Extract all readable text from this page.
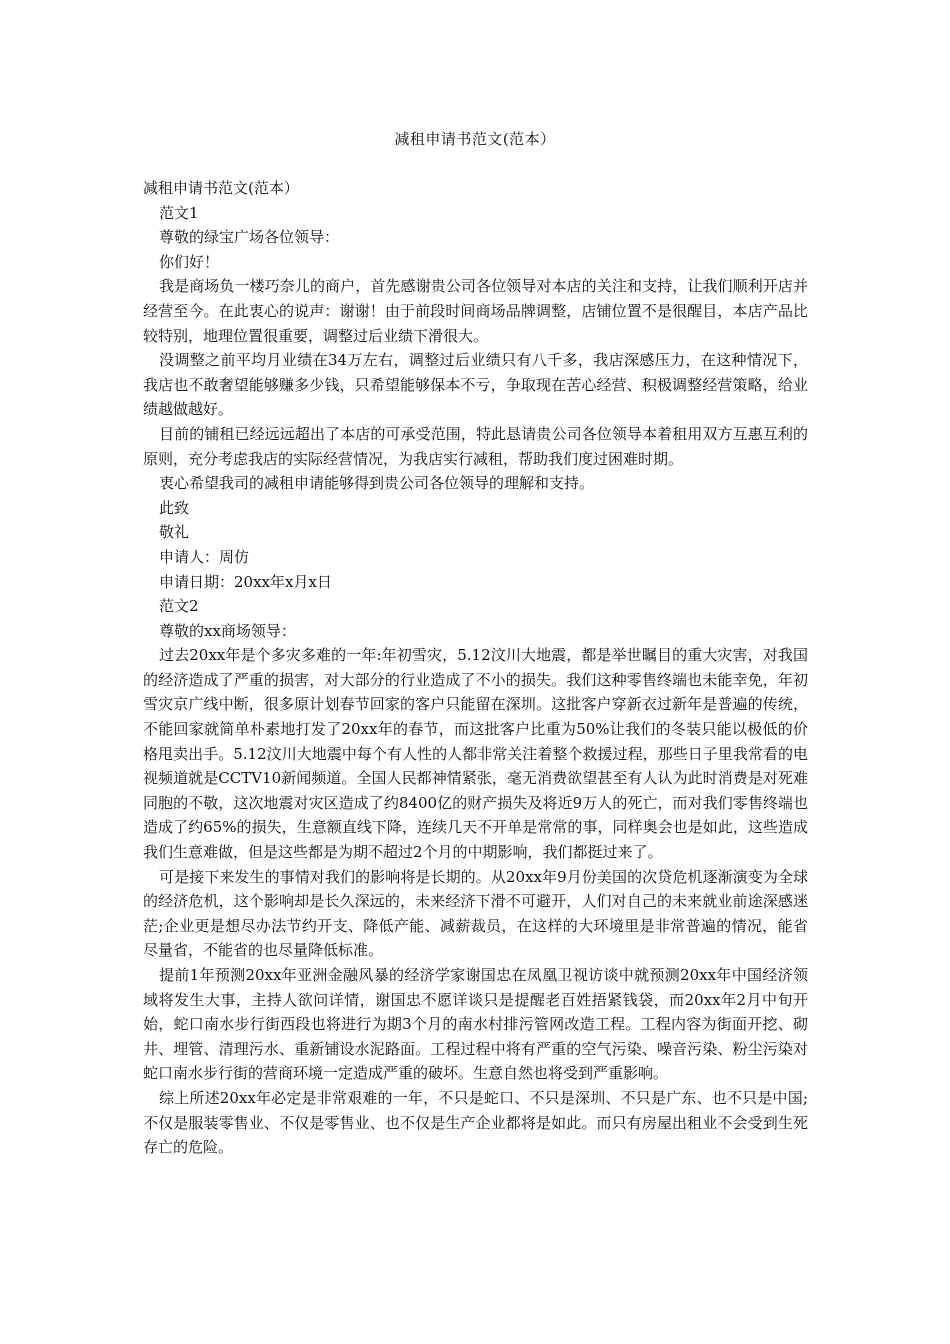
减租申请书范文(范本）

减租申请书范文(范本）

范文1

尊敬的绿宝广场各位领导：

你们好！

我是商场负一楼巧奈儿的商户，首先感谢贵公司各位领导对本店的关注和支持，让我们顺利开店并经营至今。在此衷心的说声：谢谢！由于前段时间商场品牌调整，店铺位置不是很醒目，本店产品比较特别，地理位置很重要，调整过后业绩下滑很大。

没调整之前平均月业绩在34万左右，调整过后业绩只有八千多，我店深感压力，在这种情况下，我店也不敢奢望能够赚多少钱，只希望能够保本不亏，争取现在苦心经营、积极调整经营策略，给业绩越做越好。

目前的铺租已经远远超出了本店的可承受范围，特此恳请贵公司各位领导本着租用双方互惠互利的原则，充分考虑我店的实际经营情况，为我店实行减租，帮助我们度过困难时期。

衷心希望我司的减租申请能够得到贵公司各位领导的理解和支持。

此致

敬礼

申请人：周仿

申请日期：20xx年x月x日

范文2

尊敬的xx商场领导：

过去20xx年是个多灾多难的一年:年初雪灾，5.12汶川大地震，都是举世瞩目的重大灾害，对我国的经济造成了严重的损害，对大部分的行业造成了不小的损失。我们这种零售终端也未能幸免，年初雪灾京广线中断，很多原计划春节回家的客户只能留在深圳。这批客户穿新衣过新年是普遍的传统，不能回家就简单朴素地打发了20xx年的春节，而这批客户比重为50%让我们的冬装只能以极低的价格甩卖出手。5.12汶川大地震中每个有人性的人都非常关注着整个救援过程，那些日子里我常看的电视频道就是CCTV10新闻频道。全国人民都神情紧张，毫无消费欲望甚至有人认为此时消费是对死难同胞的不敬，这次地震对灾区造成了约8400亿的财产损失及将近9万人的死亡，而对我们零售终端也造成了约65%的损失，生意额直线下降，连续几天不开单是常常的事，同样奥会也是如此，这些造成我们生意难做，但是这些都是为期不超过2个月的中期影响，我们都挺过来了。

可是接下来发生的事情对我们的影响将是长期的。从20xx年9月份美国的次贷危机逐渐演变为全球的经济危机，这个影响却是长久深远的，未来经济下滑不可避开，人们对自己的未来就业前途深感迷茫;企业更是想尽办法节约开支、降低产能、减薪裁员，在这样的大环境里是非常普遍的情况，能省尽量省，不能省的也尽量降低标准。

提前1年预测20xx年亚洲金融风暴的经济学家谢国忠在凤凰卫视访谈中就预测20xx年中国经济领域将发生大事，主持人欲问详情，谢国忠不愿详谈只是提醒老百姓捂紧钱袋，而20xx年2月中旬开始，蛇口南水步行街西段也将进行为期3个月的南水村排污管网改造工程。工程内容为街面开挖、砌井、埋管、清理污水、重新铺设水泥路面。工程过程中将有严重的空气污染、噪音污染、粉尘污染对蛇口南水步行街的营商环境一定造成严重的破坏。生意自然也将受到严重影响。

综上所述20xx年必定是非常艰难的一年，不只是蛇口、不只是深圳、不只是广东、也不只是中国;不仅是服装零售业、不仅是零售业、也不仅是生产企业都将是如此。而只有房屋出租业不会受到生死存亡的危险。
